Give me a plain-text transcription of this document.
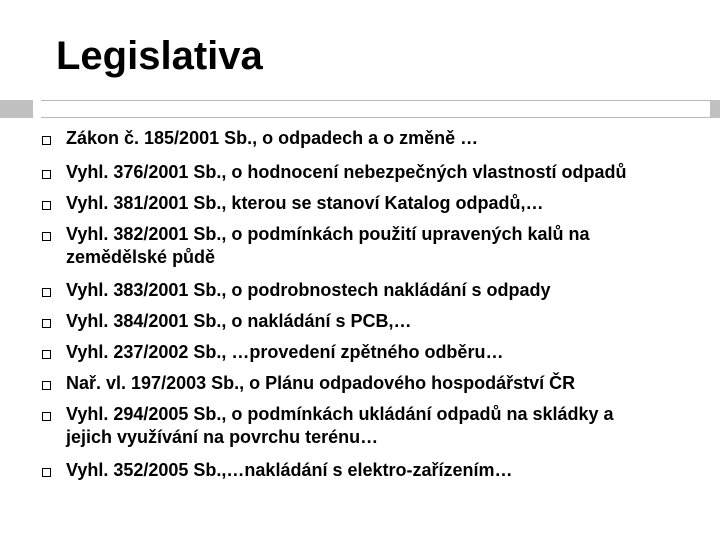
Legislativa
Zákon č. 185/2001 Sb., o odpadech a o změně …
Vyhl. 376/2001 Sb., o hodnocení nebezpečných vlastností odpadů
Vyhl. 381/2001 Sb., kterou se stanoví Katalog odpadů,…
Vyhl. 382/2001 Sb., o podmínkách použití upravených kalů na
zemědělské půdě
Vyhl. 383/2001 Sb., o podrobnostech nakládání s odpady
Vyhl. 384/2001 Sb., o nakládání s PCB,…
Vyhl. 237/2002 Sb., …provedení zpětného odběru…
Nař. vl. 197/2003 Sb., o Plánu odpadového hospodářství ČR
Vyhl. 294/2005 Sb., o podmínkách ukládání odpadů na skládky a
jejich využívání na povrchu terénu…
Vyhl. 352/2005 Sb.,…nakládání s elektro-zařízením…
